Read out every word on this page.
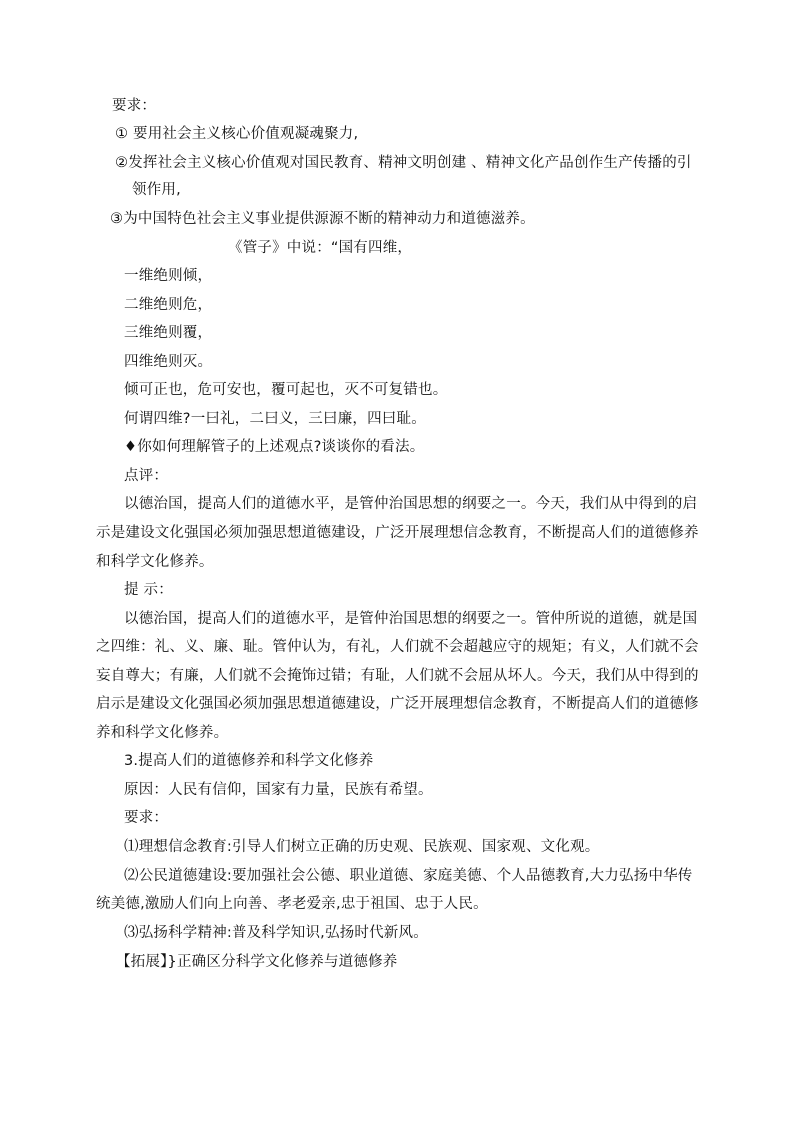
要求：
① 要用社会主义核心价值观凝魂聚力,
②发挥社会主义核心价值观对国民教育、精神文明创建 、精神文化产品创作生产传播的引
领作用,
③为中国特色社会主义事业提供源源不断的精神动力和道德滋养。
《管子》中说：“国有四维，
一维绝则倾，
二维绝则危，
三维绝则覆，
四维绝则灭。
倾可正也，危可安也，覆可起也，灭不可复错也。
何谓四维?一曰礼，二曰义，三曰廉，四曰耻。
♦你如何理解管子的上述观点?谈谈你的看法。
点评：
以德治国，提高人们的道德水平，是管仲治国思想的纲要之一。今天，我们从中得到的启
示是建设文化强国必须加强思想道德建设，广泛开展理想信念教育，不断提高人们的道德修养
和科学文化修养。
提 示：
以德治国，提高人们的道德水平，是管仲治国思想的纲要之一。管仲所说的道德，就是国
之四维：礼、义、廉、耻。管仲认为，有礼，人们就不会超越应守的规矩；有义，人们就不会
妄自尊大；有廉，人们就不会掩饰过错；有耻，人们就不会屈从坏人。今天，我们从中得到的
启示是建设文化强国必须加强思想道德建设，广泛开展理想信念教育，不断提高人们的道德修
养和科学文化修养。
3.提高人们的道德修养和科学文化修养
原因：人民有信仰，国家有力量，民族有希望。
要求：
⑴理想信念教育:引导人们树立正确的历史观、民族观、国家观、文化观。
⑵公民道德建设:要加强社会公德、职业道德、家庭美德、个人品德教育,大力弘扬中华传
统美德,激励人们向上向善、孝老爱亲,忠于祖国、忠于人民。
⑶弘扬科学精神:普及科学知识,弘扬时代新风。
【拓展】}正确区分科学文化修养与道德修养
